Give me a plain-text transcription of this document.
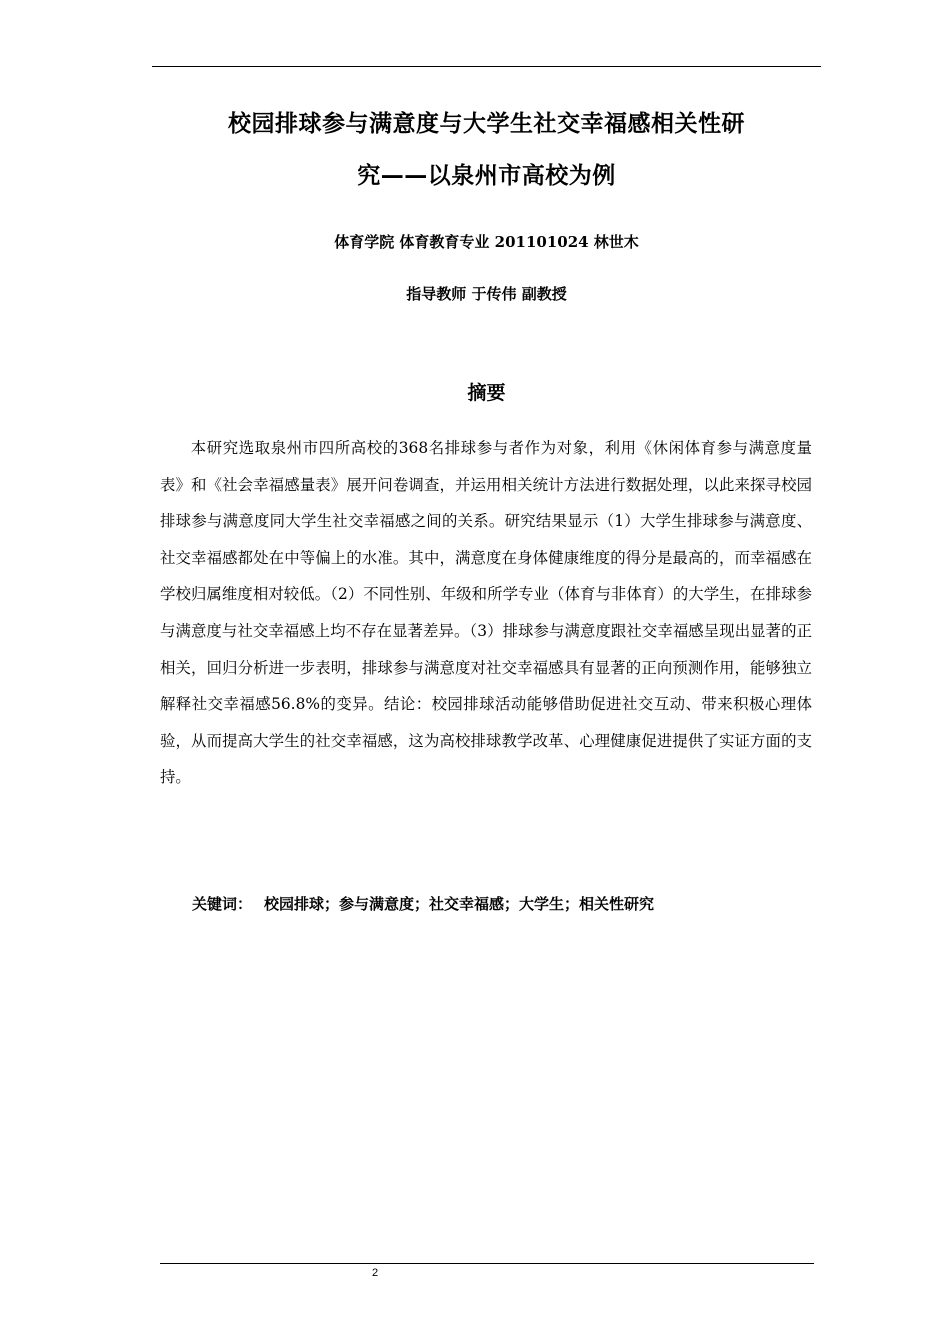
校园排球参与满意度与大学生社交幸福感相关性研
究——以泉州市高校为例
体育学院 体育教育专业 201101024 林世木
指导教师 于传伟 副教授
摘要

本研究选取泉州市四所高校的368名排球参与者作为对象，利用《休闲体育参与满意度量表》和《社会幸福感量表》展开问卷调查，并运用相关统计方法进行数据处理，以此来探寻校园排球参与满意度同大学生社交幸福感之间的关系。研究结果显示（1）大学生排球参与满意度、社交幸福感都处在中等偏上的水准。其中，满意度在身体健康维度的得分是最高的，而幸福感在学校归属维度相对较低。（2）不同性别、年级和所学专业（体育与非体育）的大学生，在排球参与满意度与社交幸福感上均不存在显著差异。（3）排球参与满意度跟社交幸福感呈现出显著的正相关，回归分析进一步表明，排球参与满意度对社交幸福感具有显著的正向预测作用，能够独立解释社交幸福感56.8%的变异。结论：校园排球活动能够借助促进社交互动、带来积极心理体验，从而提高大学生的社交幸福感，这为高校排球教学改革、心理健康促进提供了实证方面的支持。

关键词： 校园排球；参与满意度；社交幸福感；大学生；相关性研究
2
